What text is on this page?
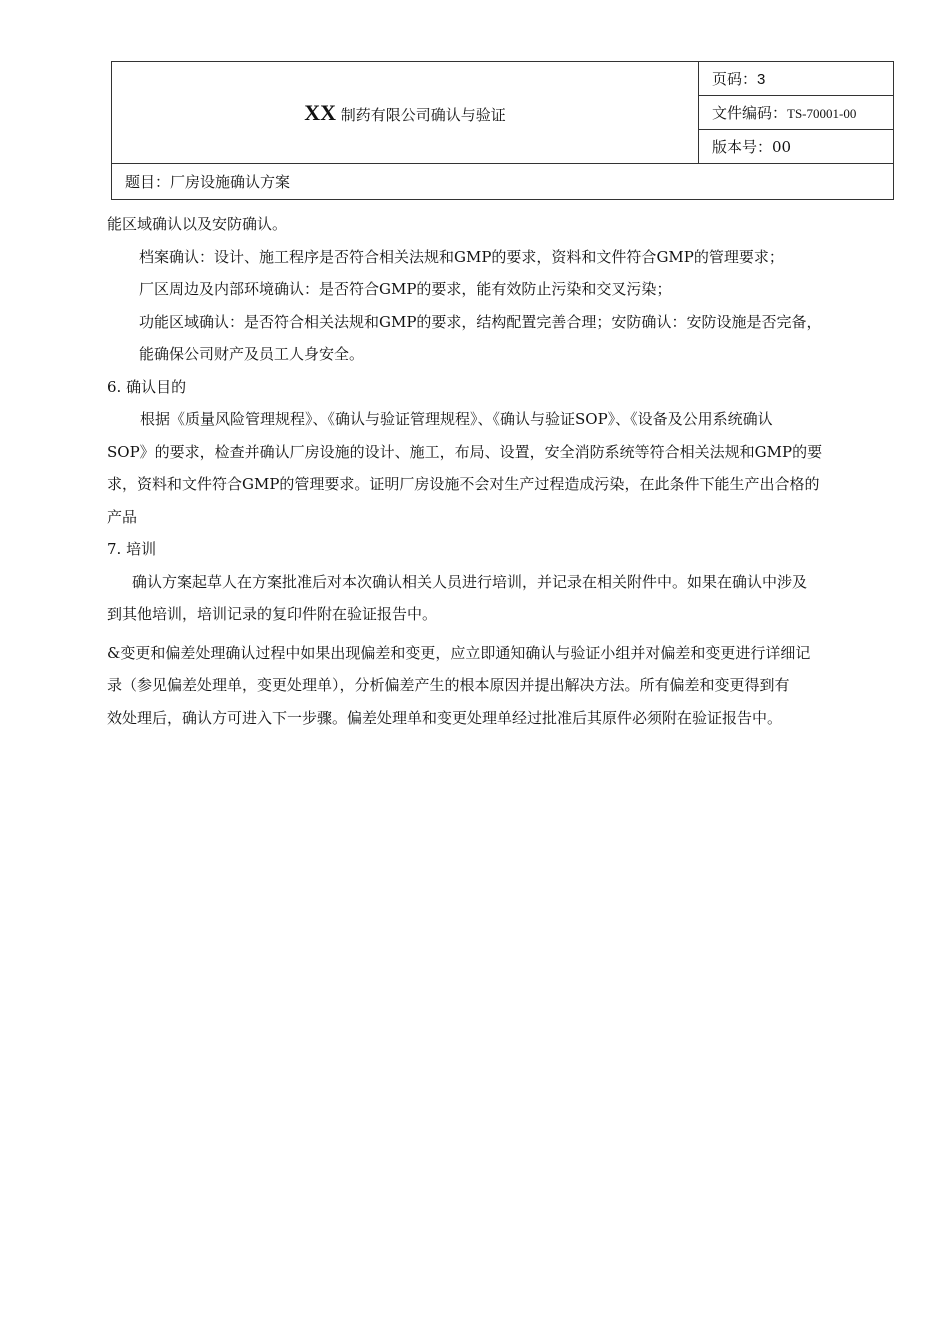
XX 制药有限公司确认与验证	页码：3
文件编码：TS-70001-00
版本号：00
题目：厂房设施确认方案

能区域确认以及安防确认。

档案确认：设计、施工程序是否符合相关法规和GMP的要求，资料和文件符合GMP的管理要求；

厂区周边及内部环境确认：是否符合GMP的要求，能有效防止污染和交叉污染；

功能区域确认：是否符合相关法规和GMP的要求，结构配置完善合理；安防确认：安防设施是否完备，

能确保公司财产及员工人身安全。

6. 确认目的

根据《质量风险管理规程》、《确认与验证管理规程》、《确认与验证SOP》、《设备及公用系统确认

SOP》的要求，检查并确认厂房设施的设计、施工，布局、设置，安全消防系统等符合相关法规和GMP的要

求，资料和文件符合GMP的管理要求。证明厂房设施不会对生产过程造成污染，在此条件下能生产出合格的

产品

7. 培训

确认方案起草人在方案批准后对本次确认相关人员进行培训，并记录在相关附件中。如果在确认中涉及

到其他培训，培训记录的复印件附在验证报告中。

&变更和偏差处理确认过程中如果出现偏差和变更，应立即通知确认与验证小组并对偏差和变更进行详细记

录（参见偏差处理单，变更处理单），分析偏差产生的根本原因并提出解决方法。所有偏差和变更得到有

效处理后，确认方可进入下一步骤。偏差处理单和变更处理单经过批准后其原件必须附在验证报告中。
